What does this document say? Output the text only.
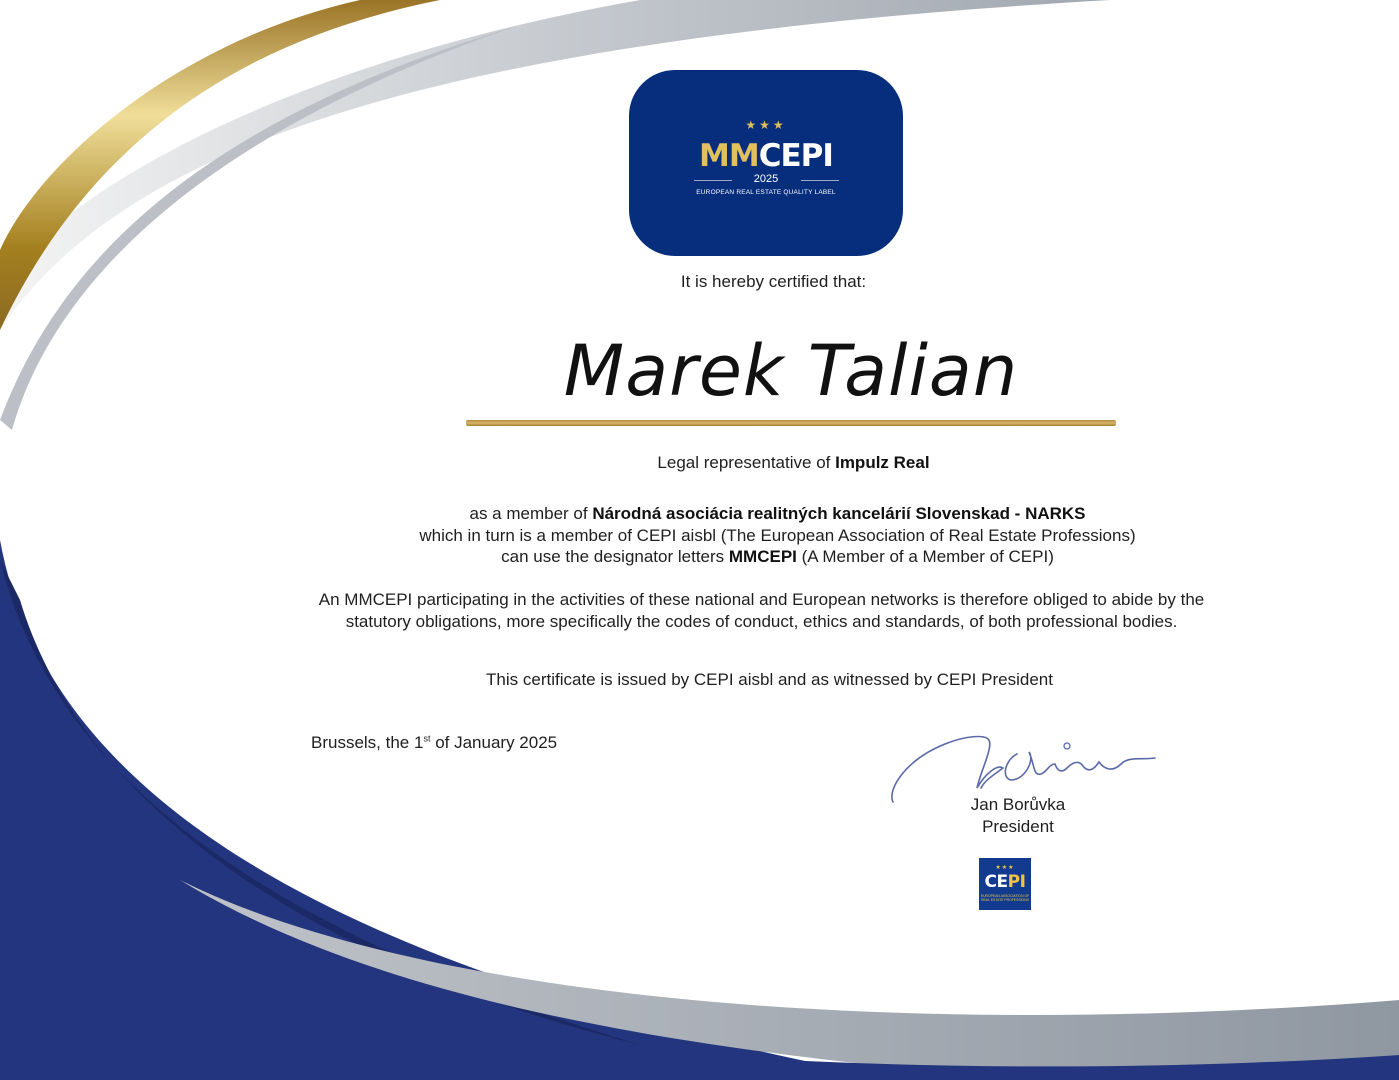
★★★
MMCEPI
2025
EUROPEAN REAL ESTATE QUALITY LABEL
It is hereby certified that:
Marek Talian
Legal representative of Impulz Real
as a member of Národná asociácia realitných kancelárií Slovenskad - NARKS
which in turn is a member of CEPI aisbl (The European Association of Real Estate Professions)
can use the designator letters MMCEPI (A Member of a Member of CEPI)
An MMCEPI participating in the activities of these national and European networks is therefore obliged to abide by the
statutory obligations, more specifically the codes of conduct, ethics and standards, of both professional bodies.
This certificate is issued by CEPI aisbl and as witnessed by CEPI President
Brussels, the 1st of January 2025
Jan Borůvka
President
★★★
CEPI
EUROPEAN ASSOCIATION OF REAL ESTATE PROFESSIONS
